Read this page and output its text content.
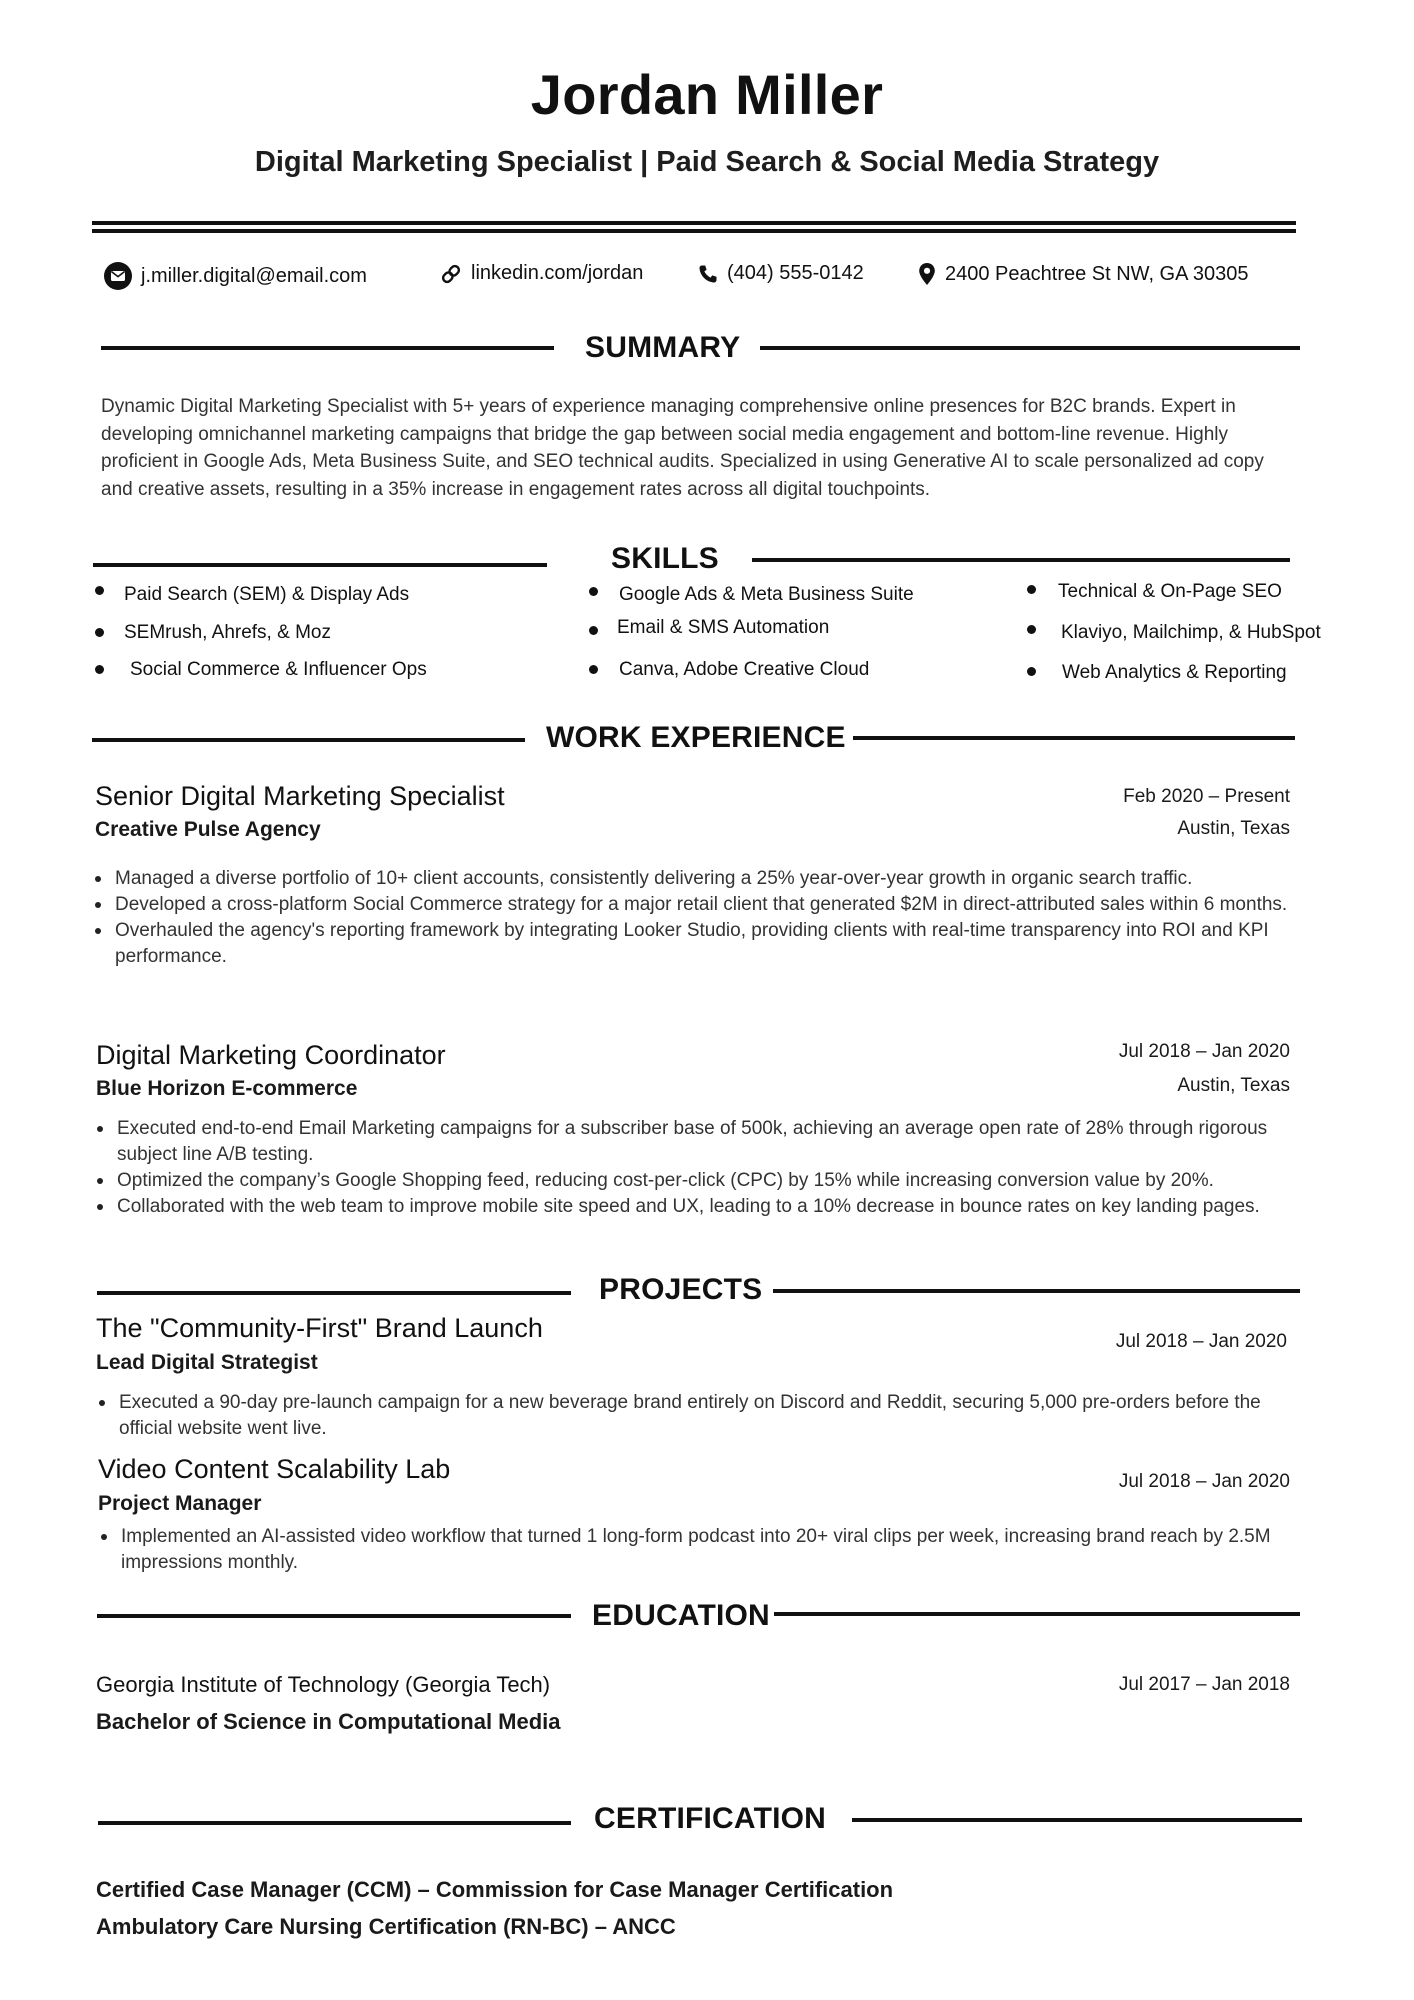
Jordan Miller
Digital Marketing Specialist | Paid Search & Social Media Strategy
j.miller.digital@email.com	linkedin.com/jordan	(404) 555-0142	2400 Peachtree St NW, GA 30305
SUMMARY

Dynamic Digital Marketing Specialist with 5+ years of experience managing comprehensive online presences for B2C brands. Expert in developing omnichannel marketing campaigns that bridge the gap between social media engagement and bottom-line revenue. Highly proficient in Google Ads, Meta Business Suite, and SEO technical audits. Specialized in using Generative AI to scale personalized ad copy and creative assets, resulting in a 35% increase in engagement rates across all digital touchpoints.

SKILLS
Paid Search (SEM) & Display Ads
SEMrush, Ahrefs, & Moz
Social Commerce & Influencer Ops
Google Ads & Meta Business Suite
Email & SMS Automation
Canva, Adobe Creative Cloud
Technical & On-Page SEO
Klaviyo, Mailchimp, & HubSpot
Web Analytics & Reporting
WORK EXPERIENCE
Senior Digital Marketing Specialist
Creative Pulse Agency
Feb 2020 – Present
Austin, Texas
Managed a diverse portfolio of 10+ client accounts, consistently delivering a 25% year-over-year growth in organic search traffic.
Developed a cross-platform Social Commerce strategy for a major retail client that generated $2M in direct-attributed sales within 6 months.
Overhauled the agency's reporting framework by integrating Looker Studio, providing clients with real-time transparency into ROI and KPI performance.
Digital Marketing Coordinator
Blue Horizon E-commerce
Jul 2018 – Jan 2020
Austin, Texas
Executed end-to-end Email Marketing campaigns for a subscriber base of 500k, achieving an average open rate of 28% through rigorous subject line A/B testing.
Optimized the company’s Google Shopping feed, reducing cost-per-click (CPC) by 15% while increasing conversion value by 20%.
Collaborated with the web team to improve mobile site speed and UX, leading to a 10% decrease in bounce rates on key landing pages.
PROJECTS
The "Community-First" Brand Launch
Lead Digital Strategist
Jul 2018 – Jan 2020
Executed a 90-day pre-launch campaign for a new beverage brand entirely on Discord and Reddit, securing 5,000 pre-orders before the official website went live.
Video Content Scalability Lab
Project Manager
Jul 2018 – Jan 2020
Implemented an AI-assisted video workflow that turned 1 long-form podcast into 20+ viral clips per week, increasing brand reach by 2.5M impressions monthly.
EDUCATION
Georgia Institute of Technology (Georgia Tech)
Bachelor of Science in Computational Media
Jul 2017 – Jan 2018
CERTIFICATION
Certified Case Manager (CCM) – Commission for Case Manager Certification
Ambulatory Care Nursing Certification (RN-BC) – ANCC
